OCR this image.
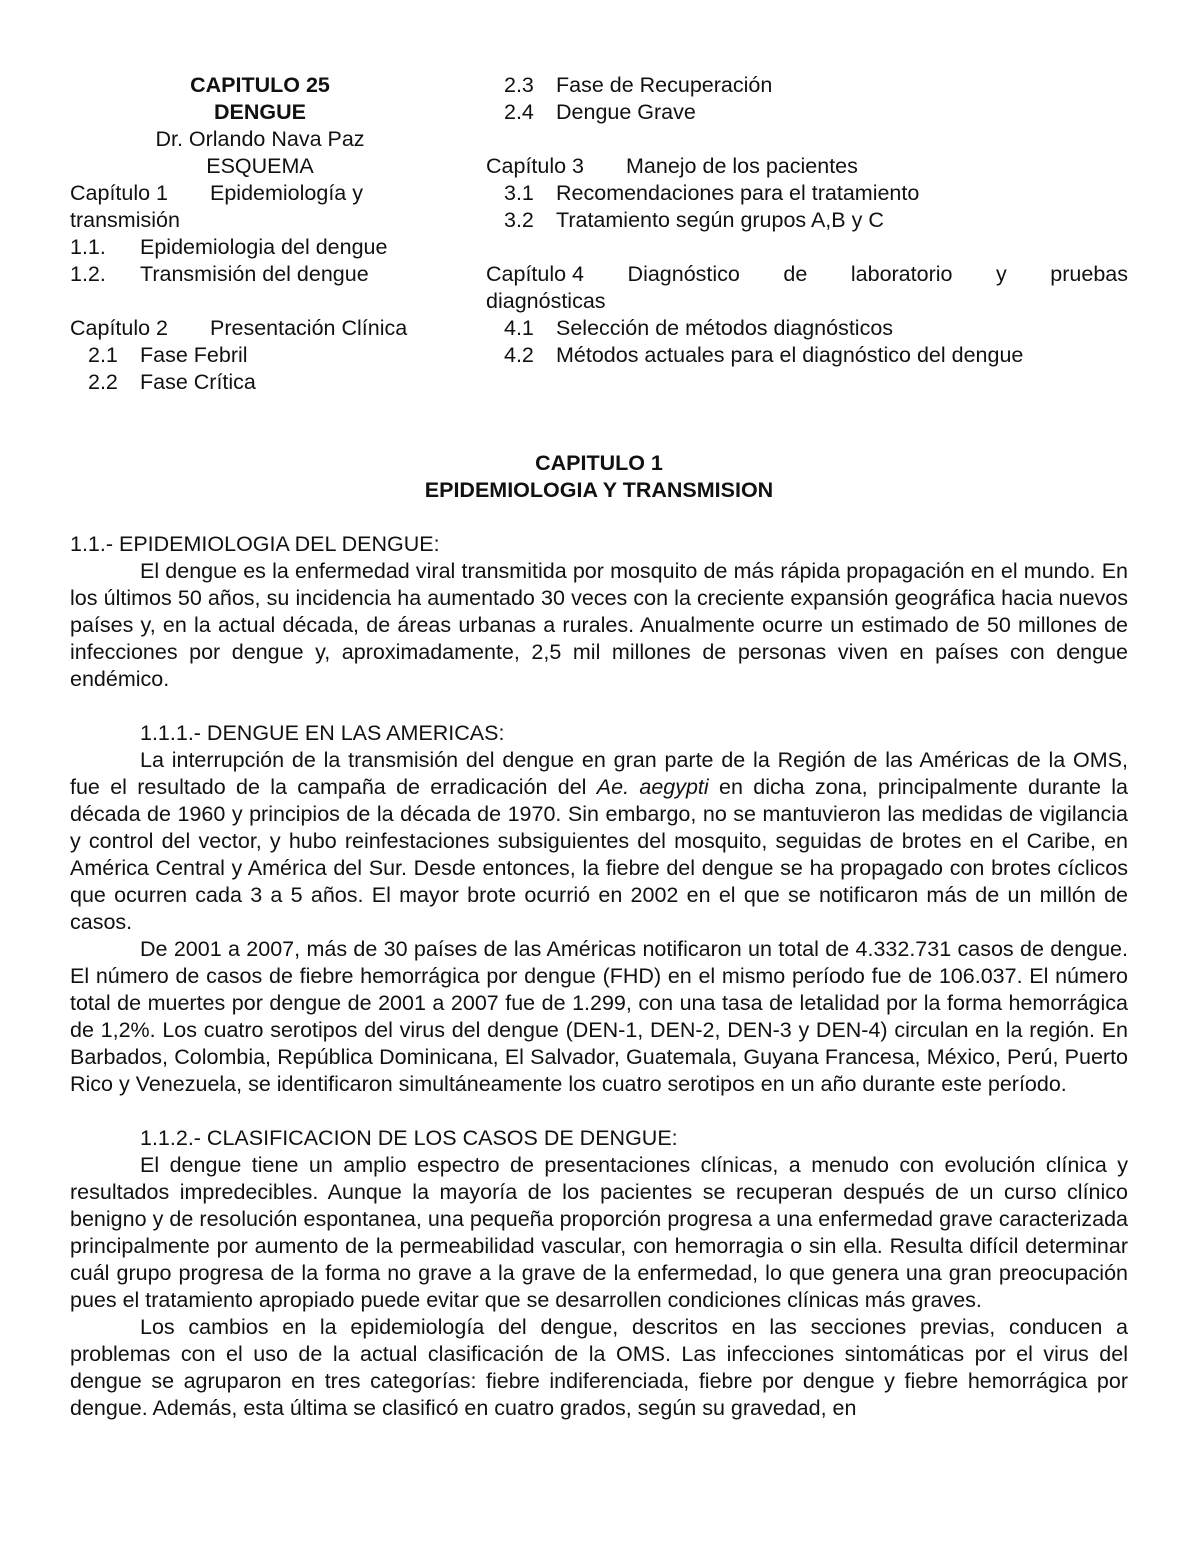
CAPITULO 25
DENGUE
Dr. Orlando Nava Paz
ESQUEMA
Capítulo 1	Epidemiología y
transmisión
1.1.	Epidemiologia del dengue
1.2.	Transmisión del dengue
Capítulo 2	Presentación Clínica
2.1	Fase Febril
2.2	Fase Crítica
2.3	Fase de Recuperación
2.4	Dengue Grave
Capítulo 3	Manejo de los pacientes
3.1	Recomendaciones para el tratamiento
3.2	Tratamiento según grupos A,B y C
Capítulo 4 Diagnóstico de laboratorio y pruebas
diagnósticas
4.1	Selección de métodos diagnósticos
4.2	Métodos actuales para el diagnóstico del dengue
CAPITULO 1
EPIDEMIOLOGIA Y TRANSMISION
1.1.- EPIDEMIOLOGIA DEL DENGUE:

El dengue es la enfermedad viral transmitida por mosquito de más rápida propagación en el mundo. En los últimos 50 años, su incidencia ha aumentado 30 veces con la creciente expansión geográfica hacia nuevos países y, en la actual década, de áreas urbanas a rurales. Anualmente ocurre un estimado de 50 millones de infecciones por dengue y, aproximadamente, 2,5 mil millones de personas viven en países con dengue endémico.

1.1.1.- DENGUE EN LAS AMERICAS:

La interrupción de la transmisión del dengue en gran parte de la Región de las Américas de la OMS, fue el resultado de la campaña de erradicación del Ae. aegypti en dicha zona, principalmente durante la década de 1960 y principios de la década de 1970. Sin embargo, no se mantuvieron las medidas de vigilancia y control del vector, y hubo reinfestaciones subsiguientes del mosquito, seguidas de brotes en el Caribe, en América Central y América del Sur. Desde entonces, la fiebre del dengue se ha propagado con brotes cíclicos que ocurren cada 3 a 5 años. El mayor brote ocurrió en 2002 en el que se notificaron más de un millón de casos.

De 2001 a 2007, más de 30 países de las Américas notificaron un total de 4.332.731 casos de dengue. El número de casos de fiebre hemorrágica por dengue (FHD) en el mismo período fue de 106.037. El número total de muertes por dengue de 2001 a 2007 fue de 1.299, con una tasa de letalidad por la forma hemorrágica de 1,2%. Los cuatro serotipos del virus del dengue (DEN-1, DEN-2, DEN-3 y DEN-4) circulan en la región. En Barbados, Colombia, República Dominicana, El Salvador, Guatemala, Guyana Francesa, México, Perú, Puerto Rico y Venezuela, se identificaron simultáneamente los cuatro serotipos en un año durante este período.

1.1.2.- CLASIFICACION DE LOS CASOS DE DENGUE:

El dengue tiene un amplio espectro de presentaciones clínicas, a menudo con evolución clínica y resultados impredecibles. Aunque la mayoría de los pacientes se recuperan después de un curso clínico benigno y de resolución espontanea, una pequeña proporción progresa a una enfermedad grave caracterizada principalmente por aumento de la permeabilidad vascular, con hemorragia o sin ella. Resulta difícil determinar cuál grupo progresa de la forma no grave a la grave de la enfermedad, lo que genera una gran preocupación pues el tratamiento apropiado puede evitar que se desarrollen condiciones clínicas más graves.

Los cambios en la epidemiología del dengue, descritos en las secciones previas, conducen a problemas con el uso de la actual clasificación de la OMS. Las infecciones sintomáticas por el virus del dengue se agruparon en tres categorías: fiebre indiferenciada, fiebre por dengue y fiebre hemorrágica por dengue. Además, esta última se clasificó en cuatro grados, según su gravedad, en
